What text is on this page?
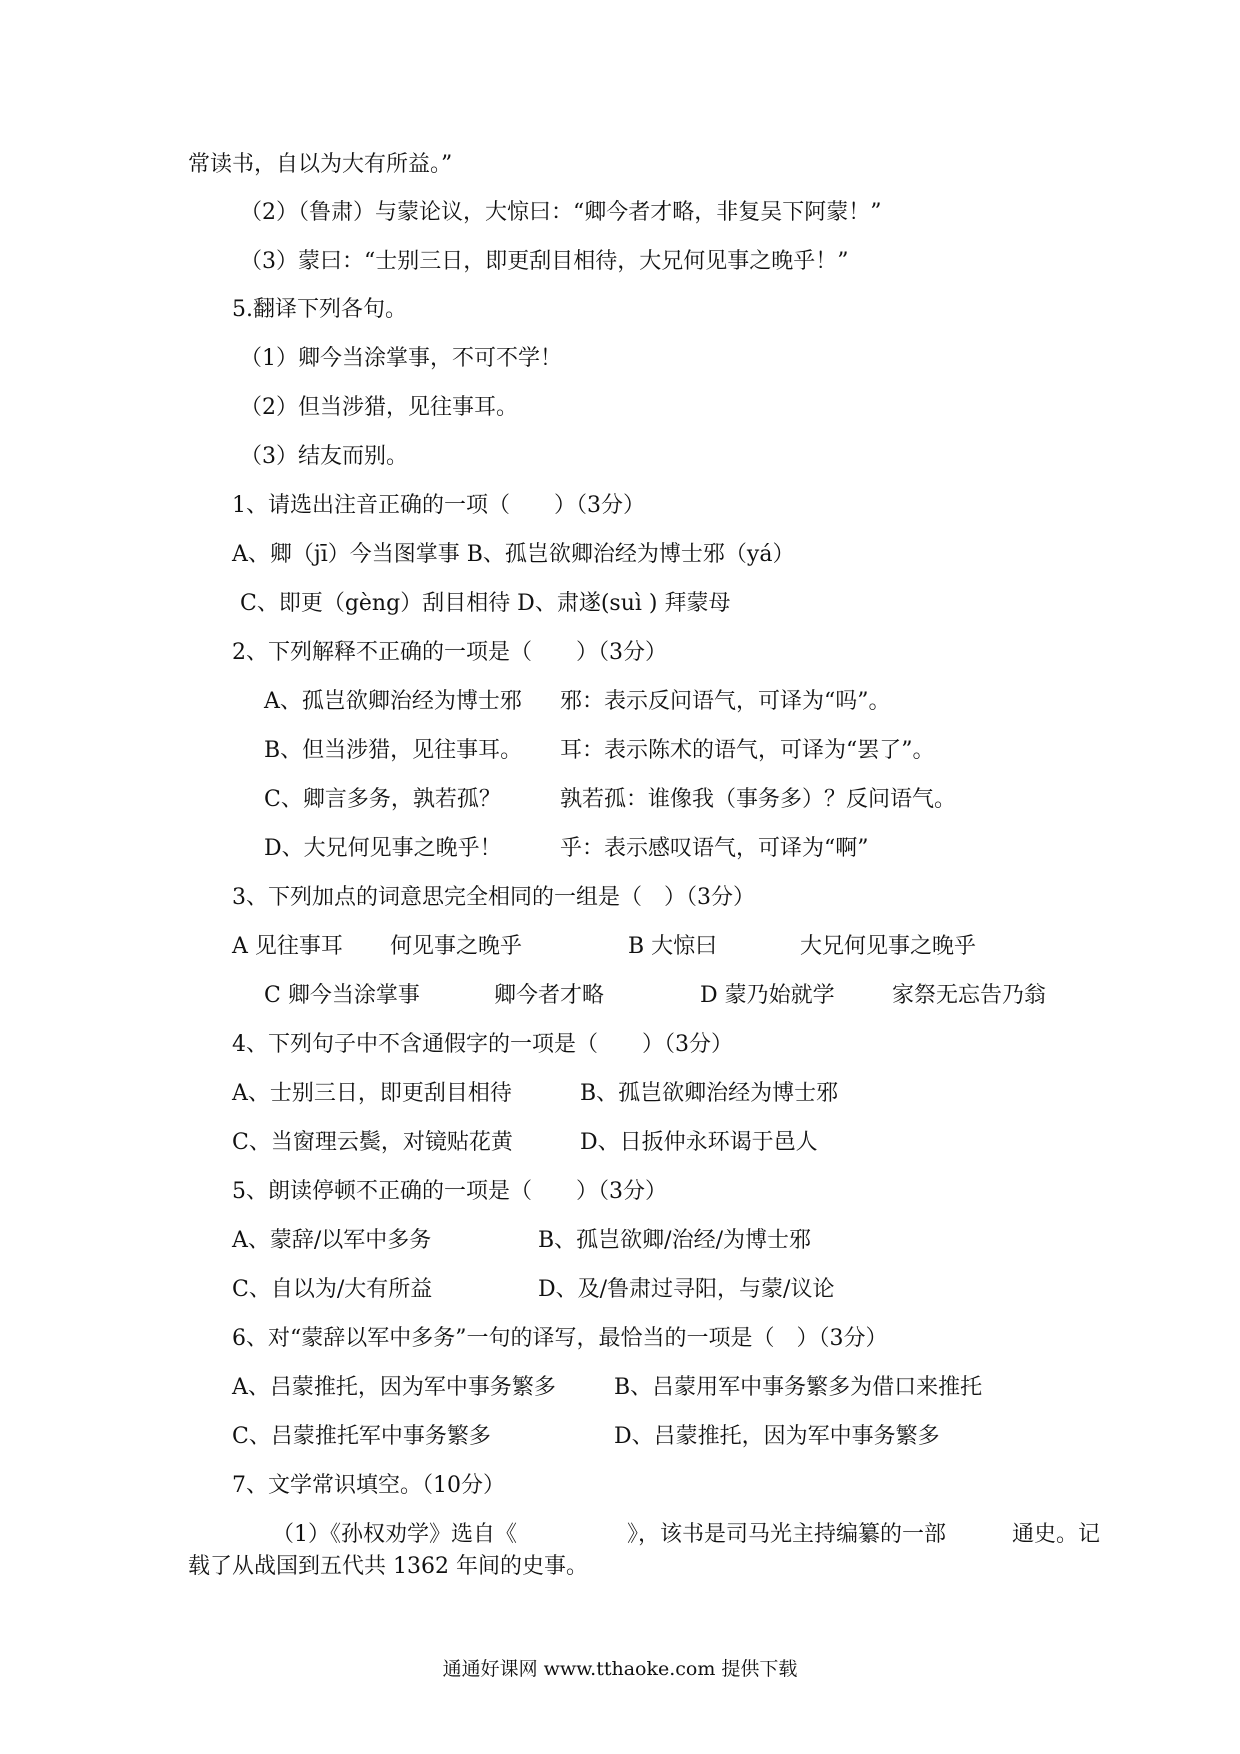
常读书，自以为大有所益。”
（2）（鲁肃）与蒙论议，大惊曰：“卿今者才略，非复吴下阿蒙！”
（3）蒙曰：“士别三日，即更刮目相待，大兄何见事之晚乎！”
5.翻译下列各句。
（1）卿今当涂掌事，不可不学！
（2）但当涉猎，见往事耳。
（3）结友而别。
1、请选出注音正确的一项（　　）（3分）
A、卿（jī）今当图掌事 B、孤岂欲卿治经为博士邪（yá）
C、即更（gèng）刮目相待 D、肃遂(suì ) 拜蒙母
2、下列解释不正确的一项是（　　）（3分）
A、孤岂欲卿治经为博士邪 邪：表示反问语气，可译为“吗”。
B、但当涉猎，见往事耳。 耳：表示陈术的语气，可译为“罢了”。
C、卿言多务，孰若孤？	孰若孤：谁像我（事务多）？反问语气。
D、大兄何见事之晚乎！	乎：表示感叹语气，可译为“啊”
3、下列加点的词意思完全相同的一组是（　）（3分）
A 见往事耳 何见事之晚乎	B 大惊曰	大兄何见事之晚乎
C 卿今当涂掌事	卿今者才略	D 蒙乃始就学	家祭无忘告乃翁
4、下列句子中不含通假字的一项是（　　）（3分）
A、士别三日，即更刮目相待	B、孤岂欲卿治经为博士邪
C、当窗理云鬓，对镜贴花黄	D、日扳仲永环谒于邑人
5、朗读停顿不正确的一项是（　　）（3分）
A、蒙辞/以军中多务	B、孤岂欲卿/治经/为博士邪
C、自以为/大有所益	D、及/鲁肃过寻阳，与蒙/议论
6、对“蒙辞以军中多务”一句的译写，最恰当的一项是（　）（3分）
A、吕蒙推托，因为军中事务繁多	B、吕蒙用军中事务繁多为借口来推托
C、吕蒙推托军中事务繁多	D、吕蒙推托，因为军中事务繁多
7、文学常识填空。（10分）
（1）《孙权劝学》选自《　　　　　》，该书是司马光主持编纂的一部　　　通史。记
载了从战国到五代共 1362 年间的史事。
通通好课网 www.tthaoke.com 提供下载
